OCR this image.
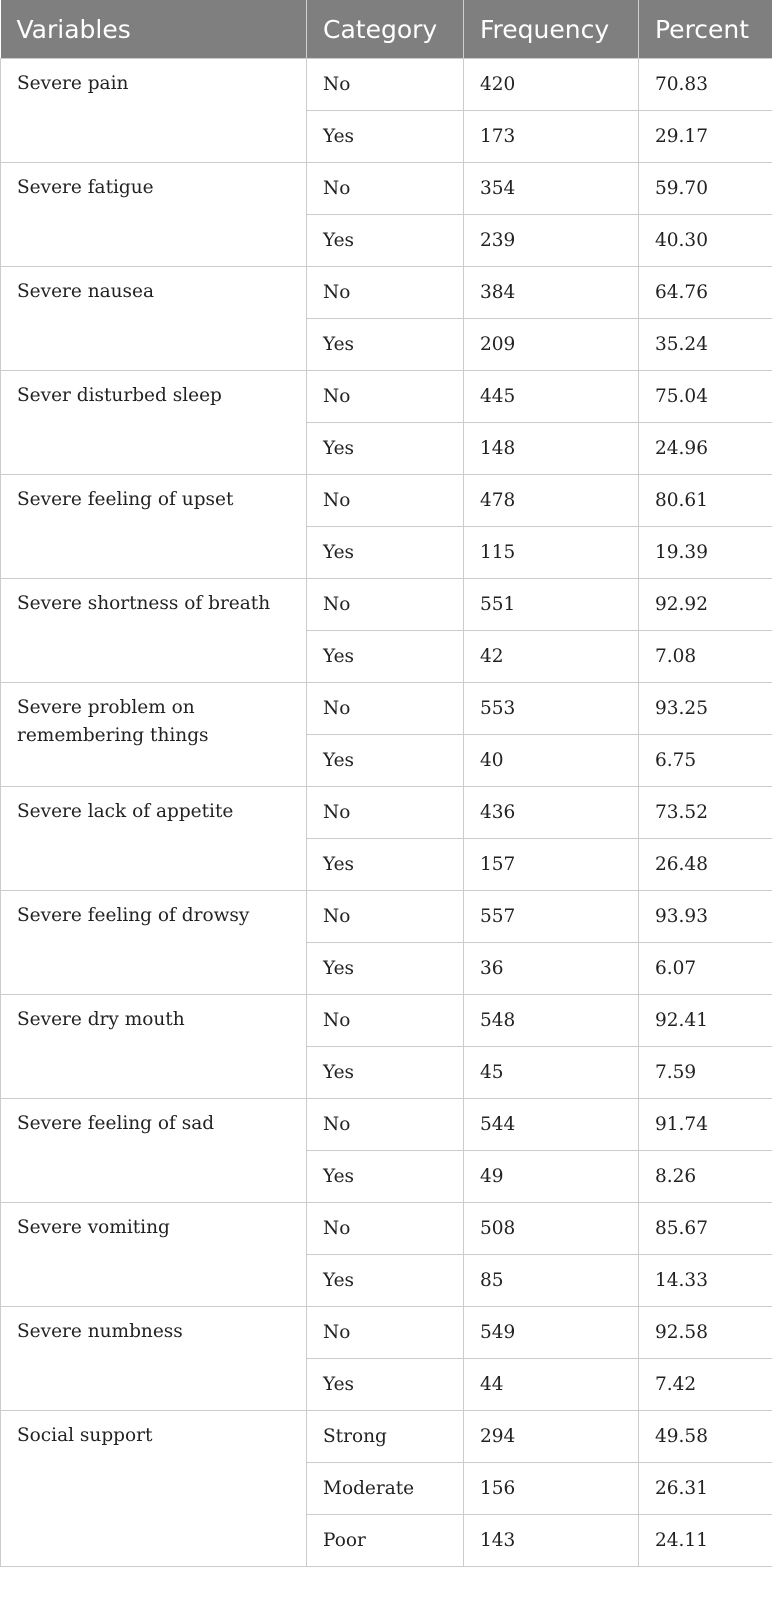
Variables	Category	Frequency	Percent
Severe pain	No	420	70.83
	Yes	173	29.17
Severe fatigue	No	354	59.70
	Yes	239	40.30
Severe nausea	No	384	64.76
	Yes	209	35.24
Sever disturbed sleep	No	445	75.04
	Yes	148	24.96
Severe feeling of upset	No	478	80.61
	Yes	115	19.39
Severe shortness of breath	No	551	92.92
	Yes	42	7.08
Severe problem on remembering things	No	553	93.25
	Yes	40	6.75
Severe lack of appetite	No	436	73.52
	Yes	157	26.48
Severe feeling of drowsy	No	557	93.93
	Yes	36	6.07
Severe dry mouth	No	548	92.41
	Yes	45	7.59
Severe feeling of sad	No	544	91.74
	Yes	49	8.26
Severe vomiting	No	508	85.67
	Yes	85	14.33
Severe numbness	No	549	92.58
	Yes	44	7.42
Social support	Strong	294	49.58
	Moderate	156	26.31
	Poor	143	24.11
